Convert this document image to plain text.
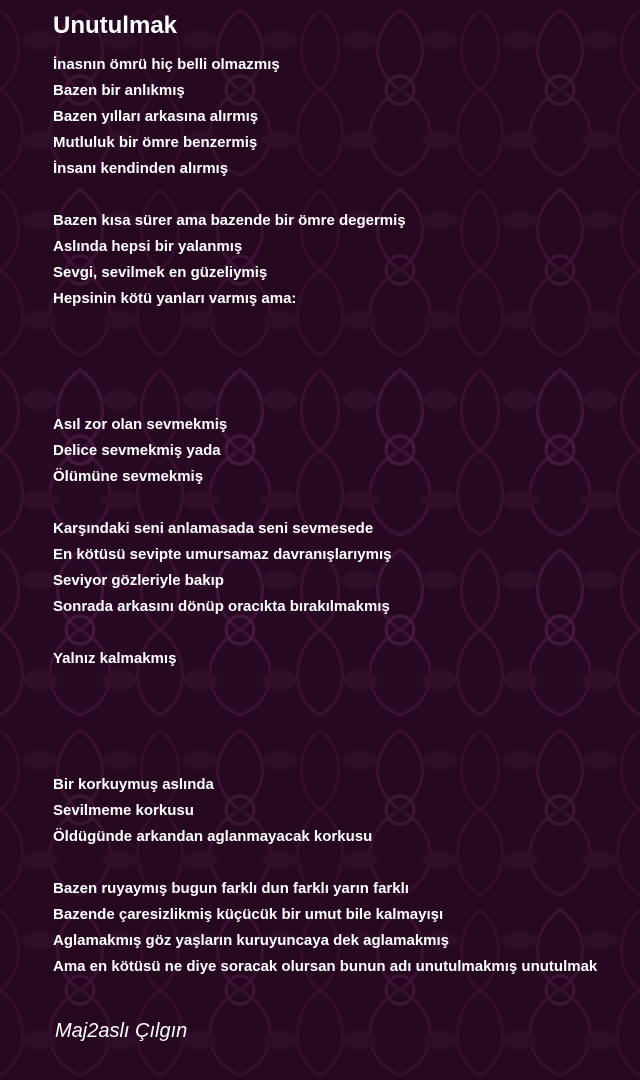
Unutulmak

İnasnın ömrü hiç belli olmazmış

Bazen bir anlıkmış

Bazen yılları arkasına alırmış

Mutluluk bir ömre benzermiş

İnsanı kendinden alırmış

Bazen kısa sürer ama bazende bir ömre degermiş

Aslında hepsi bir yalanmış

Sevgi, sevilmek en güzeliymiş

Hepsinin kötü yanları varmış ama:

Asıl zor olan sevmekmiş

Delice sevmekmiş yada

Ölümüne sevmekmiş

Karşındaki seni anlamasada seni sevmesede

En kötüsü sevipte umursamaz davranışlarıymış

Seviyor gözleriyle bakıp

Sonrada arkasını dönüp oracıkta bırakılmakmış

Yalnız kalmakmış

Bir korkuymuş aslında

Sevilmeme korkusu

Öldügünde arkandan aglanmayacak korkusu

Bazen ruyaymış bugun farklı dun farklı yarın farklı

Bazende çaresizlikmiş küçücük bir umut bile kalmayışı

Aglamakmış göz yaşların kuruyuncaya dek aglamakmış

Ama en kötüsü ne diye soracak olursan bunun adı unutulmakmış unutulmak

Maj2aslı Çılgın
